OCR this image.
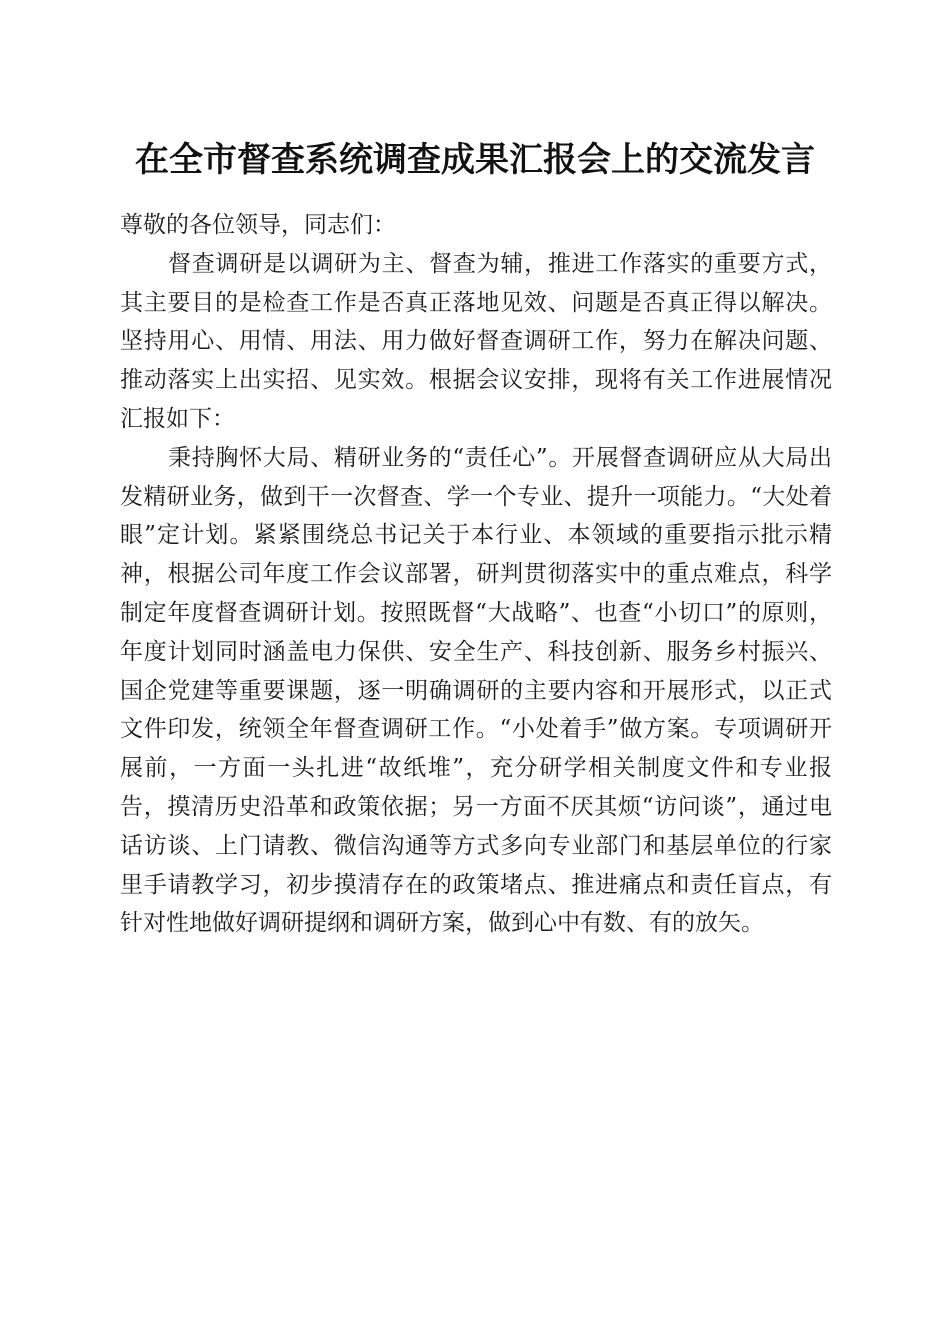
在全市督查系统调查成果汇报会上的交流发言

尊敬的各位领导，同志们：

督查调研是以调研为主、督查为辅，推进工作落实的重要方式，其主要目的是检查工作是否真正落地见效、问题是否真正得以解决。坚持用心、用情、用法、用力做好督查调研工作，努力在解决问题、推动落实上出实招、见实效。根据会议安排，现将有关工作进展情况汇报如下：

秉持胸怀大局、精研业务的“责任心”。开展督查调研应从大局出发精研业务，做到干一次督查、学一个专业、提升一项能力。“大处着眼”定计划。紧紧围绕总书记关于本行业、本领域的重要指示批示精神，根据公司年度工作会议部署，研判贯彻落实中的重点难点，科学制定年度督查调研计划。按照既督“大战略”、也查“小切口”的原则，年度计划同时涵盖电力保供、安全生产、科技创新、服务乡村振兴、国企党建等重要课题，逐一明确调研的主要内容和开展形式，以正式文件印发，统领全年督查调研工作。“小处着手”做方案。专项调研开展前，一方面一头扎进“故纸堆”，充分研学相关制度文件和专业报告，摸清历史沿革和政策依据；另一方面不厌其烦“访问谈”，通过电话访谈、上门请教、微信沟通等方式多向专业部门和基层单位的行家里手请教学习，初步摸清存在的政策堵点、推进痛点和责任盲点，有针对性地做好调研提纲和调研方案，做到心中有数、有的放矢。
